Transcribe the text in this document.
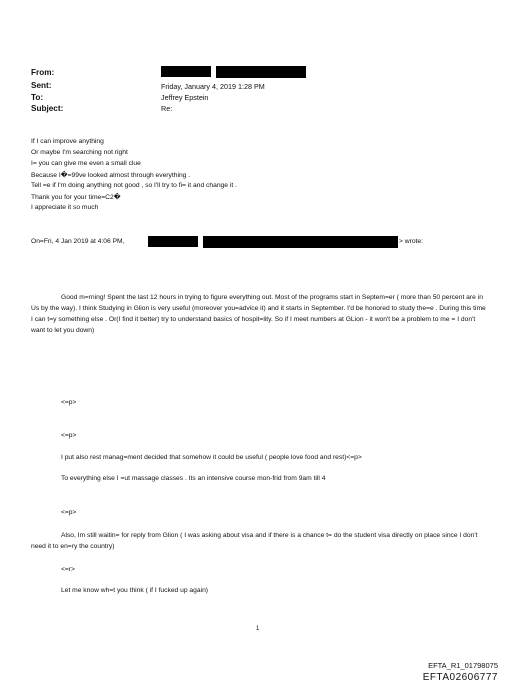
From:
Sent:
To:
Subject:
Friday, January 4, 2019 1:28 PM
Jeffrey Epstein
Re:
If I can improve anything
Or maybe I'm searching not right
I= you can give me even a small clue
Because I�=99ve looked almost through everything .
Tell =e if I'm doing anything not good , so I'll try to fi= it and change it .
Thank you for your time=C2�
I appreciate it so much
On=Fri, 4 Jan 2019 at 4:06 PM,	> wrote:
Good m=rning! Spent the last 12 hours in trying to figure everything out. Most of the programs start in Septem=er ( more than 50 percent are in Us by the way). I think Studying in Glion is very useful (moreover you=advice it) and it starts in September. I'd be honored to study the=e . During this time I can t=y something else . Or(I find it better) try to understand basics of hospit=lity. So if I meet numbers at GLion - it won't be a problem to me = I don't want to let you down)
<=p>
<=p>
I put also rest manag=ment decided that somehow it could be useful ( people love food and rest)<=p>
To everything else I =ut massage classes . Its an intensive course mon-frid from 9am till 4
<=p>
Also, Im still waitin= for reply from Glion ( I was asking about visa and if there is a chance t= do the student visa directly on place since I don't need it to en=ry the country)
<=r>
Let me know wh=t you think ( if I fucked up again)
1
EFTA_R1_01798075
EFTA02606777
